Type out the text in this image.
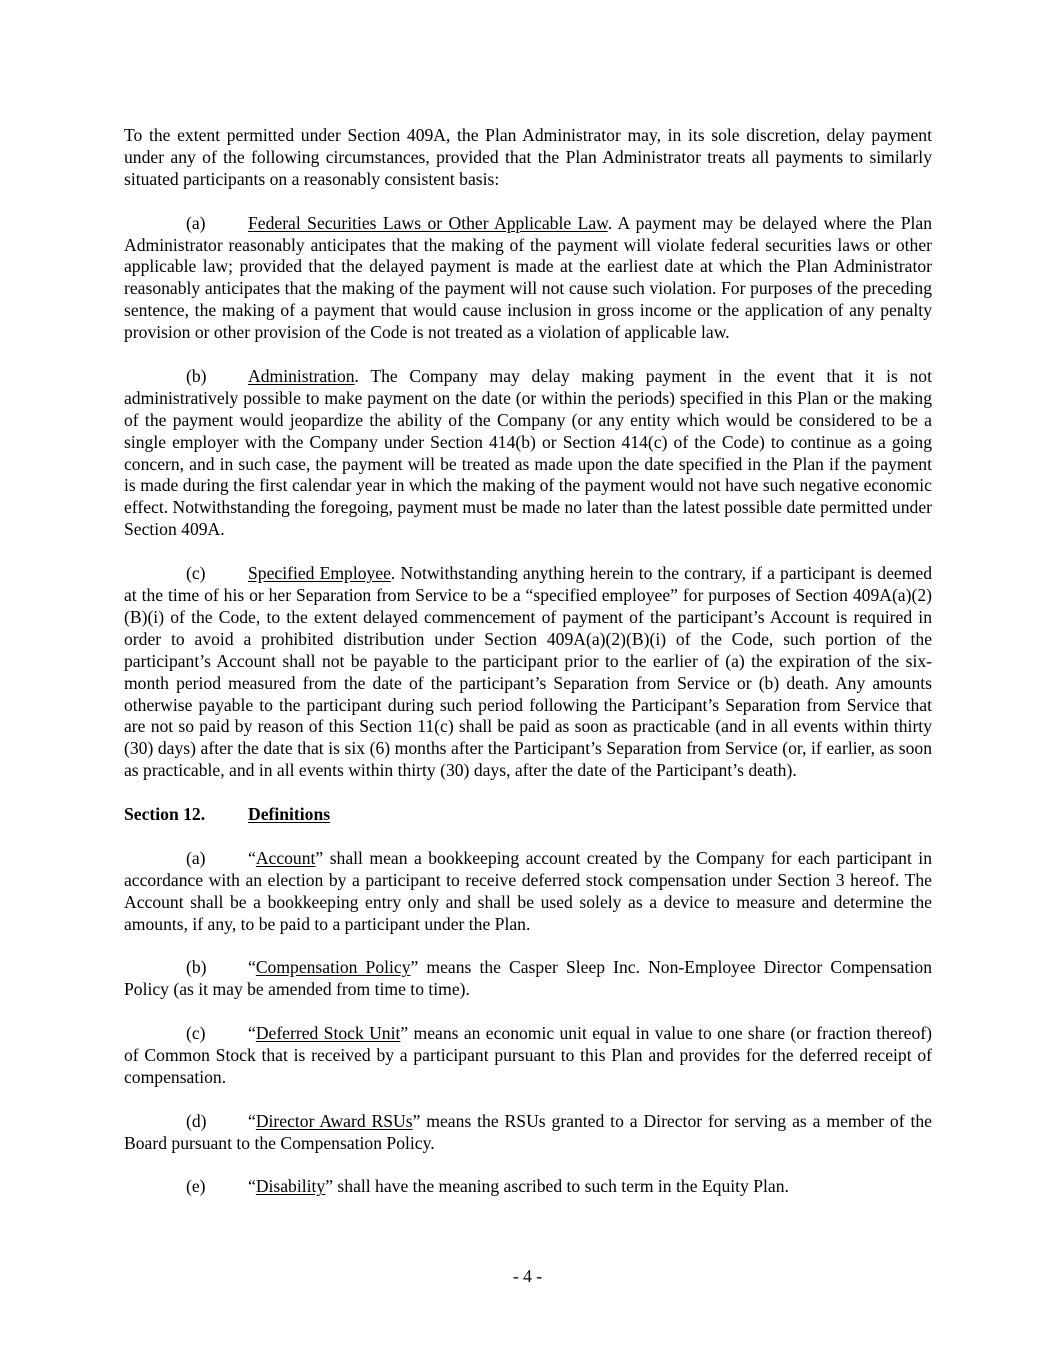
To the extent permitted under Section 409A, the Plan Administrator may, in its sole discretion, delay payment under any of the following circumstances, provided that the Plan Administrator treats all payments to similarly situated participants on a reasonably consistent basis:

(a) Federal Securities Laws or Other Applicable Law. A payment may be delayed where the Plan Administrator reasonably anticipates that the making of the payment will violate federal securities laws or other applicable law; provided that the delayed payment is made at the earliest date at which the Plan Administrator reasonably anticipates that the making of the payment will not cause such violation. For purposes of the preceding sentence, the making of a payment that would cause inclusion in gross income or the application of any penalty provision or other provision of the Code is not treated as a violation of applicable law.

(b) Administration. The Company may delay making payment in the event that it is not administratively possible to make payment on the date (or within the periods) specified in this Plan or the making of the payment would jeopardize the ability of the Company (or any entity which would be considered to be a single employer with the Company under Section 414(b) or Section 414(c) of the Code) to continue as a going concern, and in such case, the payment will be treated as made upon the date specified in the Plan if the payment is made during the first calendar year in which the making of the payment would not have such negative economic effect. Notwithstanding the foregoing, payment must be made no later than the latest possible date permitted under Section 409A.

(c) Specified Employee. Notwithstanding anything herein to the contrary, if a participant is deemed at the time of his or her Separation from Service to be a “specified employee” for purposes of Section 409A(a)(2)(B)(i) of the Code, to the extent delayed commencement of payment of the participant’s Account is required in order to avoid a prohibited distribution under Section 409A(a)(2)(B)(i) of the Code, such portion of the participant’s Account shall not be payable to the participant prior to the earlier of (a) the expiration of the six-month period measured from the date of the participant’s Separation from Service or (b) death. Any amounts otherwise payable to the participant during such period following the Participant’s Separation from Service that are not so paid by reason of this Section 11(c) shall be paid as soon as practicable (and in all events within thirty (30) days) after the date that is six (6) months after the Participant’s Separation from Service (or, if earlier, as soon as practicable, and in all events within thirty (30) days, after the date of the Participant’s death).

Section 12. Definitions

(a) “Account” shall mean a bookkeeping account created by the Company for each participant in accordance with an election by a participant to receive deferred stock compensation under Section 3 hereof. The Account shall be a bookkeeping entry only and shall be used solely as a device to measure and determine the amounts, if any, to be paid to a participant under the Plan.

(b) “Compensation Policy” means the Casper Sleep Inc. Non-Employee Director Compensation Policy (as it may be amended from time to time).

(c) “Deferred Stock Unit” means an economic unit equal in value to one share (or fraction thereof) of Common Stock that is received by a participant pursuant to this Plan and provides for the deferred receipt of compensation.

(d) “Director Award RSUs” means the RSUs granted to a Director for serving as a member of the Board pursuant to the Compensation Policy.

(e) “Disability” shall have the meaning ascribed to such term in the Equity Plan.

- 4 -
